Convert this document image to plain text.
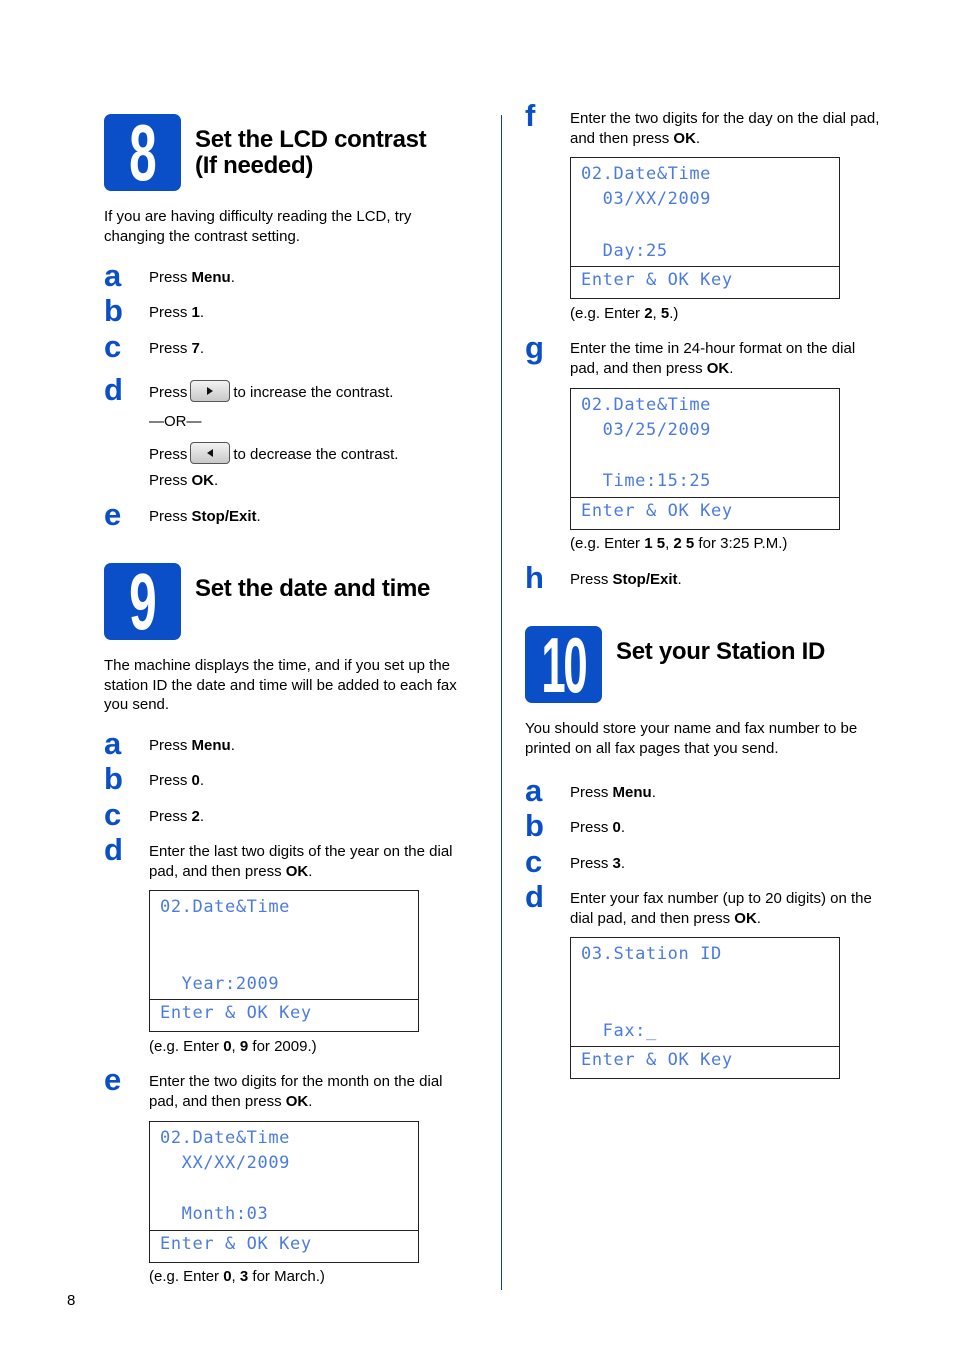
8 Set the LCD contrast
(If needed)
If you are having difficulty reading the LCD, try
changing the contrast setting.
a Press Menu.
b Press 1.
c Press 7.
d Press	to increase the contrast.
—OR—
Press	to decrease the contrast.
Press OK.
e Press Stop/Exit.
9 Set the date and time
The machine displays the time, and if you set up the
station ID the date and time will be added to each fax
you send.
a Press Menu.
b Press 0.
c Press 2.
d Enter the last two digits of the year on the dial
pad, and then press OK.
02.Date&Time
Year:2009
Enter & OK Key
(e.g. Enter 0, 9 for 2009.)
e Enter the two digits for the month on the dial
pad, and then press OK.
02.Date&Time
XX/XX/2009
Month:03
Enter & OK Key
(e.g. Enter 0, 3 for March.)
f Enter the two digits for the day on the dial pad,
and then press OK.
02.Date&Time
03/XX/2009
Day:25
Enter & OK Key
(e.g. Enter 2, 5.)
g Enter the time in 24-hour format on the dial
pad, and then press OK.
02.Date&Time
03/25/2009
Time:15:25
Enter & OK Key
(e.g. Enter 1 5, 2 5 for 3:25 P.M.)
h Press Stop/Exit.
10 Set your Station ID
You should store your name and fax number to be
printed on all fax pages that you send.
a Press Menu.
b Press 0.
c Press 3.
d Enter your fax number (up to 20 digits) on the
dial pad, and then press OK.
03.Station ID
Fax:_
Enter & OK Key
8
